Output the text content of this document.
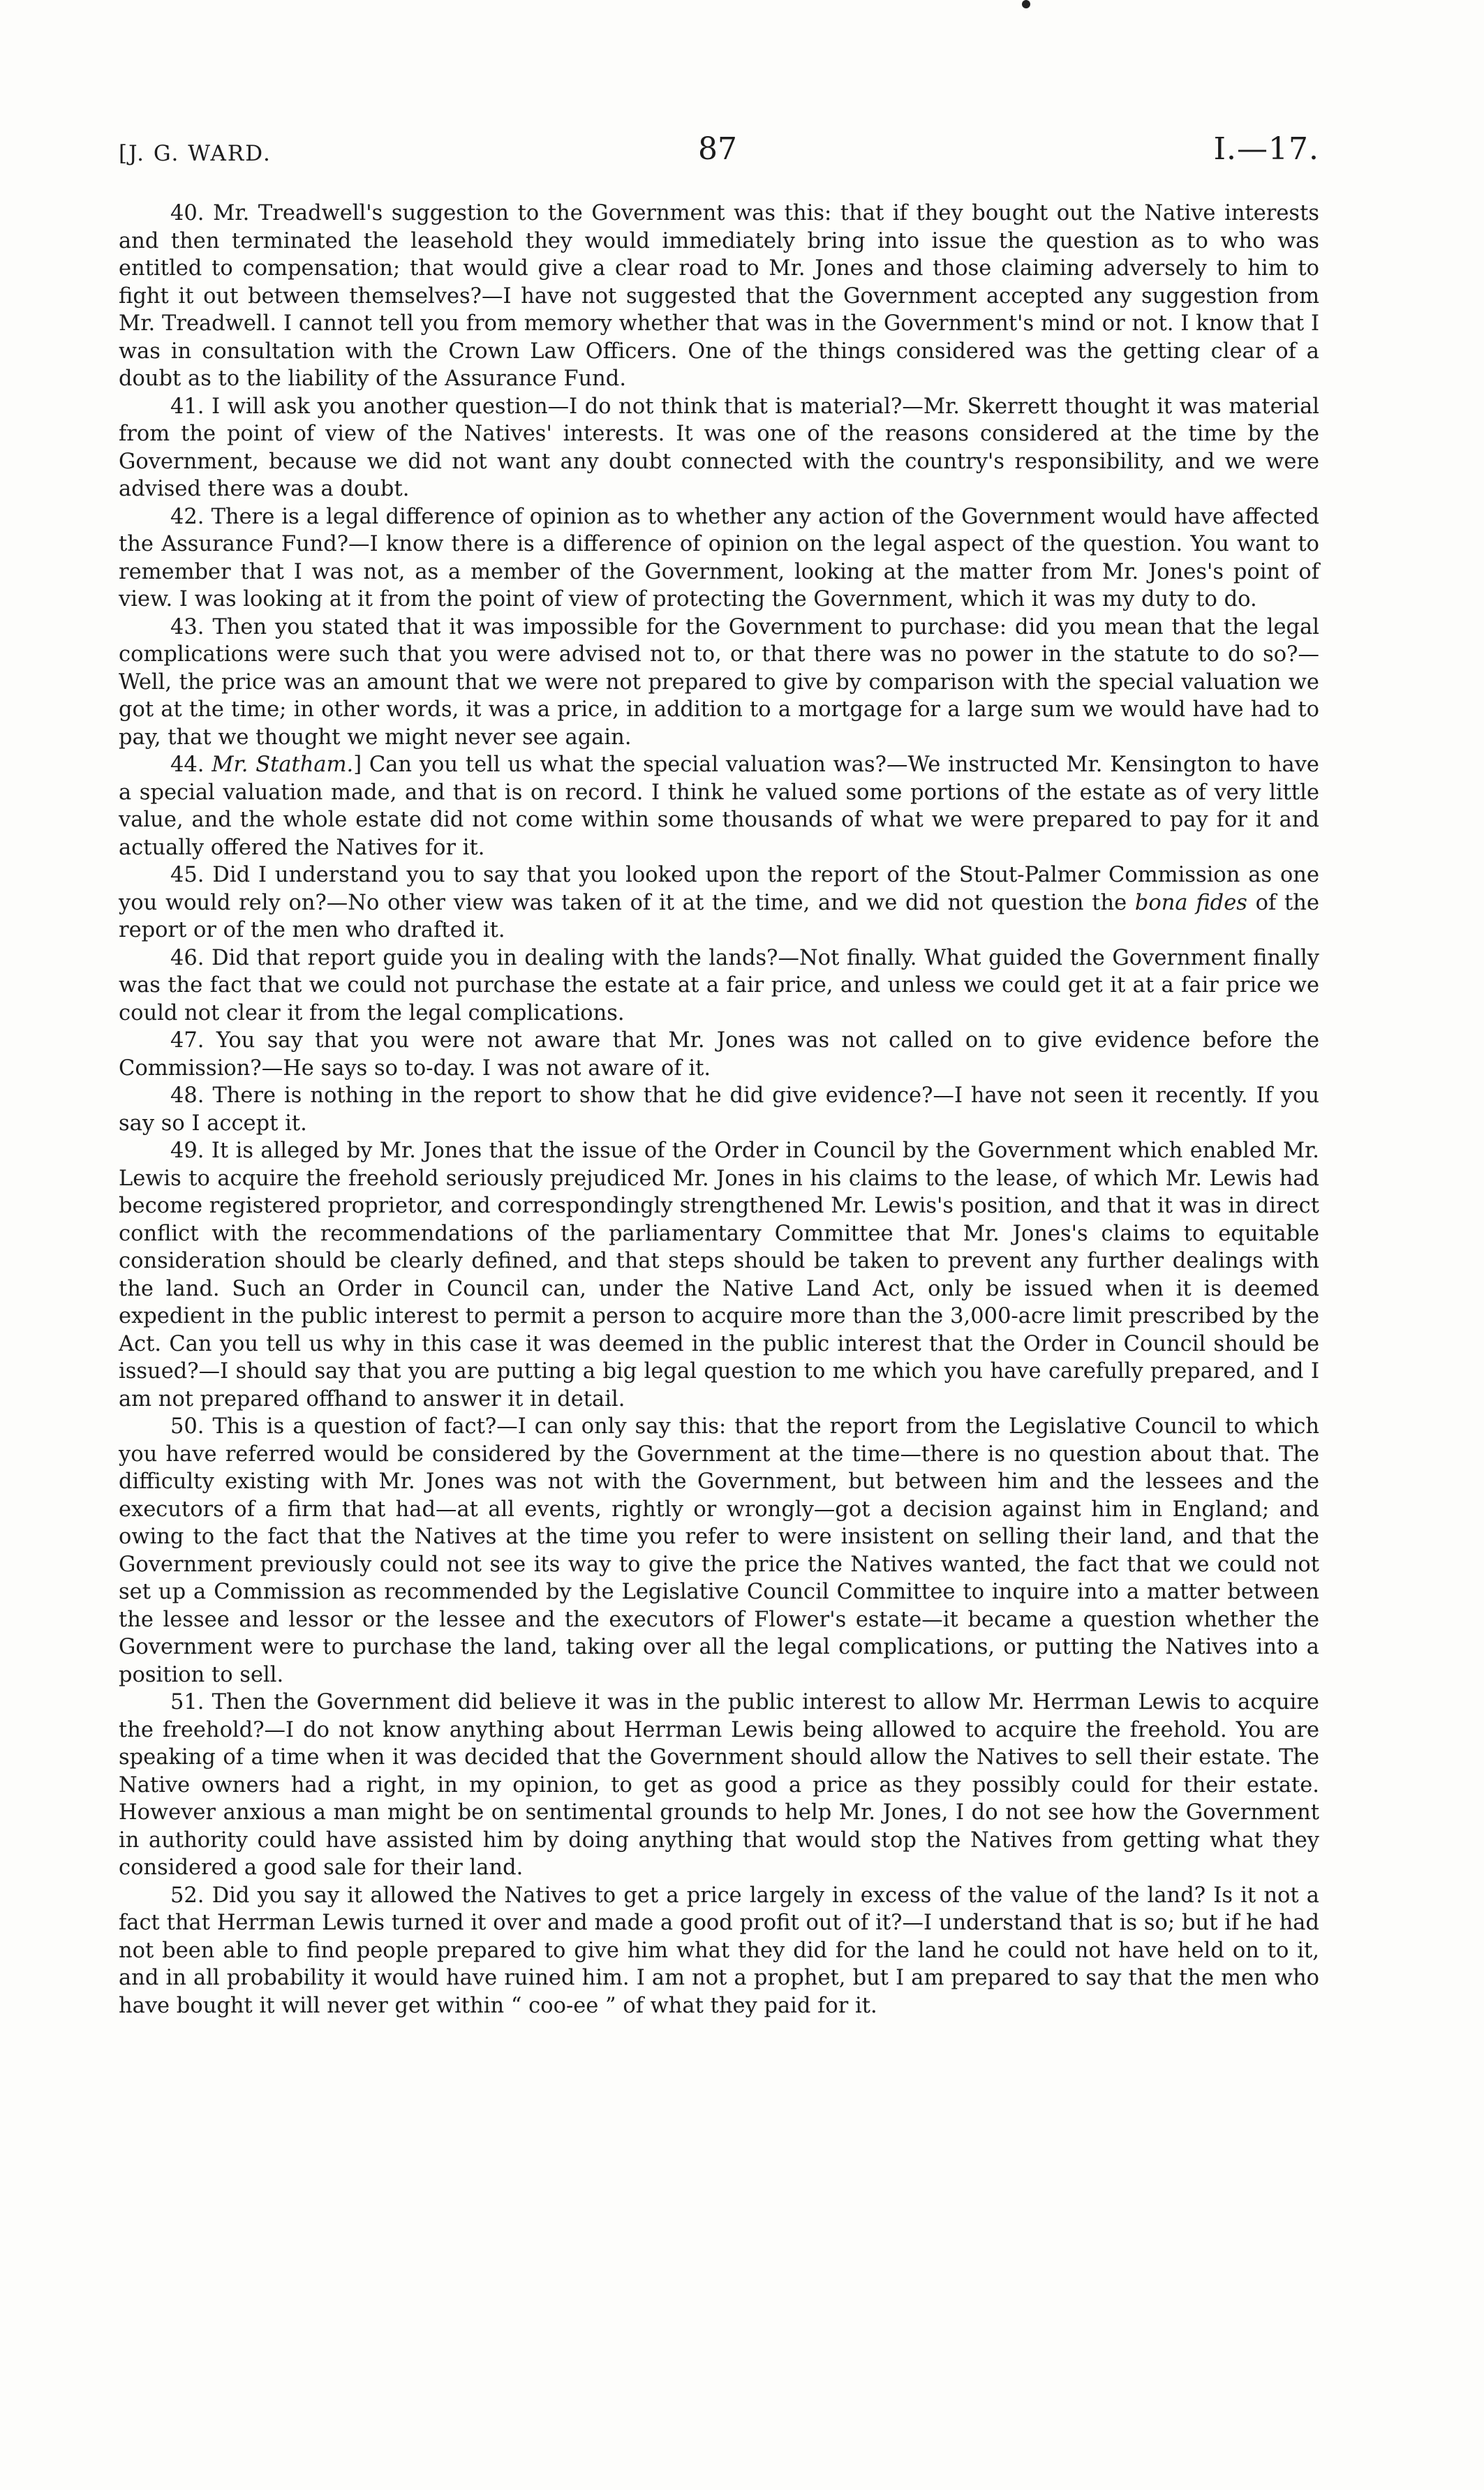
[J. G. WARD.	87	I.—17.

40. Mr. Treadwell's suggestion to the Government was this: that if they bought out the Native interests and then terminated the leasehold they would immediately bring into issue the question as to who was entitled to compensation; that would give a clear road to Mr. Jones and those claiming adversely to him to fight it out between themselves?—I have not suggested that the Government accepted any suggestion from Mr. Treadwell. I cannot tell you from memory whether that was in the Government's mind or not. I know that I was in consultation with the Crown Law Officers. One of the things considered was the getting clear of a doubt as to the liability of the Assurance Fund.

41. I will ask you another question—I do not think that is material?—Mr. Skerrett thought it was material from the point of view of the Natives' interests. It was one of the reasons considered at the time by the Government, because we did not want any doubt connected with the country's responsibility, and we were advised there was a doubt.

42. There is a legal difference of opinion as to whether any action of the Government would have affected the Assurance Fund?—I know there is a difference of opinion on the legal aspect of the question. You want to remember that I was not, as a member of the Government, looking at the matter from Mr. Jones's point of view. I was looking at it from the point of view of protecting the Government, which it was my duty to do.

43. Then you stated that it was impossible for the Government to purchase: did you mean that the legal complications were such that you were advised not to, or that there was no power in the statute to do so?—Well, the price was an amount that we were not prepared to give by comparison with the special valuation we got at the time; in other words, it was a price, in addition to a mortgage for a large sum we would have had to pay, that we thought we might never see again.

44. Mr. Statham.] Can you tell us what the special valuation was?—We instructed Mr. Kensington to have a special valuation made, and that is on record. I think he valued some portions of the estate as of very little value, and the whole estate did not come within some thousands of what we were prepared to pay for it and actually offered the Natives for it.

45. Did I understand you to say that you looked upon the report of the Stout-Palmer Commission as one you would rely on?—No other view was taken of it at the time, and we did not question the bona fides of the report or of the men who drafted it.

46. Did that report guide you in dealing with the lands?—Not finally. What guided the Government finally was the fact that we could not purchase the estate at a fair price, and unless we could get it at a fair price we could not clear it from the legal complications.

47. You say that you were not aware that Mr. Jones was not called on to give evidence before the Commission?—He says so to-day. I was not aware of it.

48. There is nothing in the report to show that he did give evidence?—I have not seen it recently. If you say so I accept it.

49. It is alleged by Mr. Jones that the issue of the Order in Council by the Government which enabled Mr. Lewis to acquire the freehold seriously prejudiced Mr. Jones in his claims to the lease, of which Mr. Lewis had become registered proprietor, and correspondingly strengthened Mr. Lewis's position, and that it was in direct conflict with the recommendations of the parliamentary Committee that Mr. Jones's claims to equitable consideration should be clearly defined, and that steps should be taken to prevent any further dealings with the land. Such an Order in Council can, under the Native Land Act, only be issued when it is deemed expedient in the public interest to permit a person to acquire more than the 3,000-acre limit prescribed by the Act. Can you tell us why in this case it was deemed in the public interest that the Order in Council should be issued?—I should say that you are putting a big legal question to me which you have carefully prepared, and I am not prepared offhand to answer it in detail.

50. This is a question of fact?—I can only say this: that the report from the Legislative Council to which you have referred would be considered by the Government at the time—there is no question about that. The difficulty existing with Mr. Jones was not with the Government, but between him and the lessees and the executors of a firm that had—at all events, rightly or wrongly—got a decision against him in England; and owing to the fact that the Natives at the time you refer to were insistent on selling their land, and that the Government previously could not see its way to give the price the Natives wanted, the fact that we could not set up a Commission as recommended by the Legislative Council Committee to inquire into a matter between the lessee and lessor or the lessee and the executors of Flower's estate—it became a question whether the Government were to purchase the land, taking over all the legal complications, or putting the Natives into a position to sell.

51. Then the Government did believe it was in the public interest to allow Mr. Herrman Lewis to acquire the freehold?—I do not know anything about Herrman Lewis being allowed to acquire the freehold. You are speaking of a time when it was decided that the Government should allow the Natives to sell their estate. The Native owners had a right, in my opinion, to get as good a price as they possibly could for their estate. However anxious a man might be on sentimental grounds to help Mr. Jones, I do not see how the Government in authority could have assisted him by doing anything that would stop the Natives from getting what they considered a good sale for their land.

52. Did you say it allowed the Natives to get a price largely in excess of the value of the land? Is it not a fact that Herrman Lewis turned it over and made a good profit out of it?—I understand that is so; but if he had not been able to find people prepared to give him what they did for the land he could not have held on to it, and in all probability it would have ruined him. I am not a prophet, but I am prepared to say that the men who have bought it will never get within “ coo-ee ” of what they paid for it.
